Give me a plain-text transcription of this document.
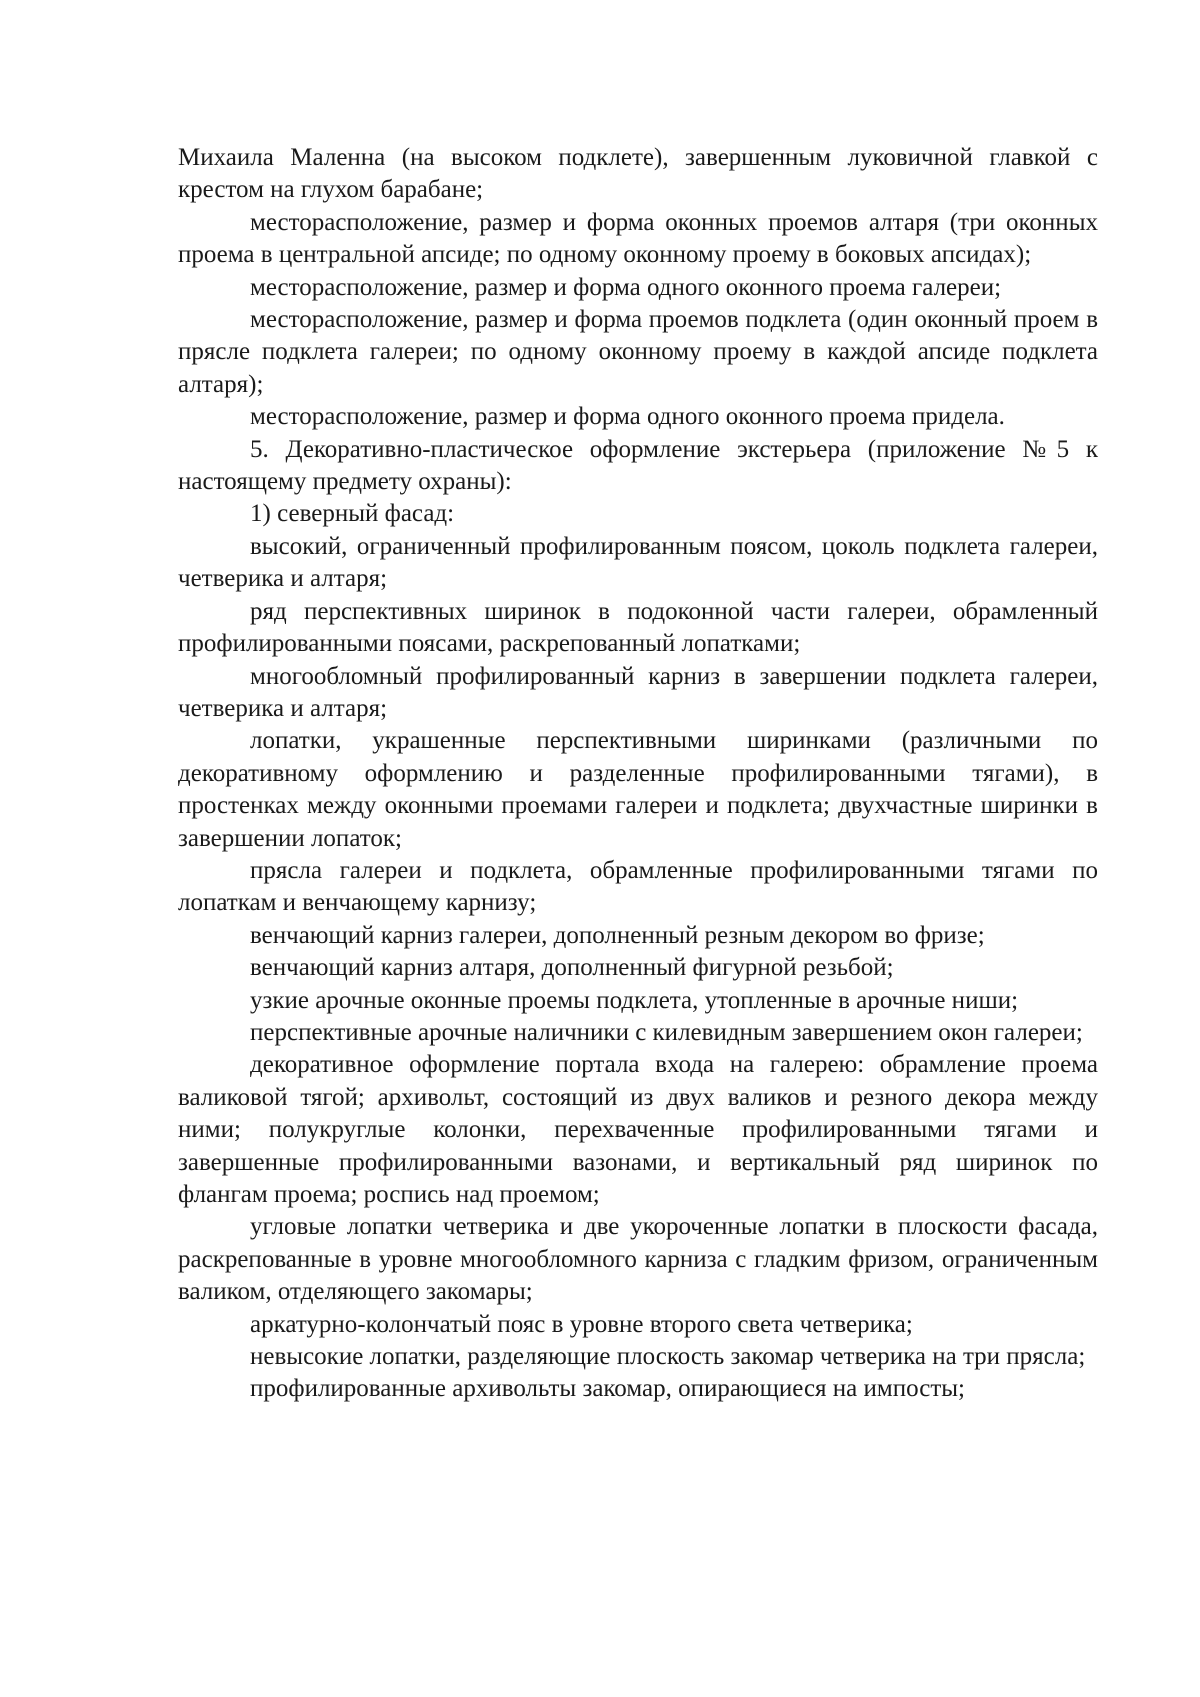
Михаила Маленна (на высоком подклете), завершенным луковичной главкой с крестом на глухом барабане;

месторасположение, размер и форма оконных проемов алтаря (три оконных проема в центральной апсиде; по одному оконному проему в боковых апсидах);

месторасположение, размер и форма одного оконного проема галереи;

месторасположение, размер и форма проемов подклета (один оконный проем в прясле подклета галереи; по одному оконному проему в каждой апсиде подклета алтаря);

месторасположение, размер и форма одного оконного проема придела.

5. Декоративно-пластическое оформление экстерьера (приложение №5 к настоящему предмету охраны):

1) северный фасад:

высокий, ограниченный профилированным поясом, цоколь подклета галереи, четверика и алтаря;

ряд перспективных ширинок в подоконной части галереи, обрамленный профилированными поясами, раскрепованный лопатками;

многообломный профилированный карниз в завершении подклета галереи, четверика и алтаря;

лопатки, украшенные перспективными ширинками (различными по декоративному оформлению и разделенные профилированными тягами), в простенках между оконными проемами галереи и подклета; двухчастные ширинки в завершении лопаток;

прясла галереи и подклета, обрамленные профилированными тягами по лопаткам и венчающему карнизу;

венчающий карниз галереи, дополненный резным декором во фризе;

венчающий карниз алтаря, дополненный фигурной резьбой;

узкие арочные оконные проемы подклета, утопленные в арочные ниши;

перспективные арочные наличники с килевидным завершением окон галереи;

декоративное оформление портала входа на галерею: обрамление проема валиковой тягой; архивольт, состоящий из двух валиков и резного декора между ними; полукруглые колонки, перехваченные профилированными тягами и завершенные профилированными вазонами, и вертикальный ряд ширинок по флангам проема; роспись над проемом;

угловые лопатки четверика и две укороченные лопатки в плоскости фасада, раскрепованные в уровне многообломного карниза с гладким фризом, ограниченным валиком, отделяющего закомары;

аркатурно-колончатый пояс в уровне второго света четверика;

невысокие лопатки, разделяющие плоскость закомар четверика на три прясла;

профилированные архивольты закомар, опирающиеся на импосты;
